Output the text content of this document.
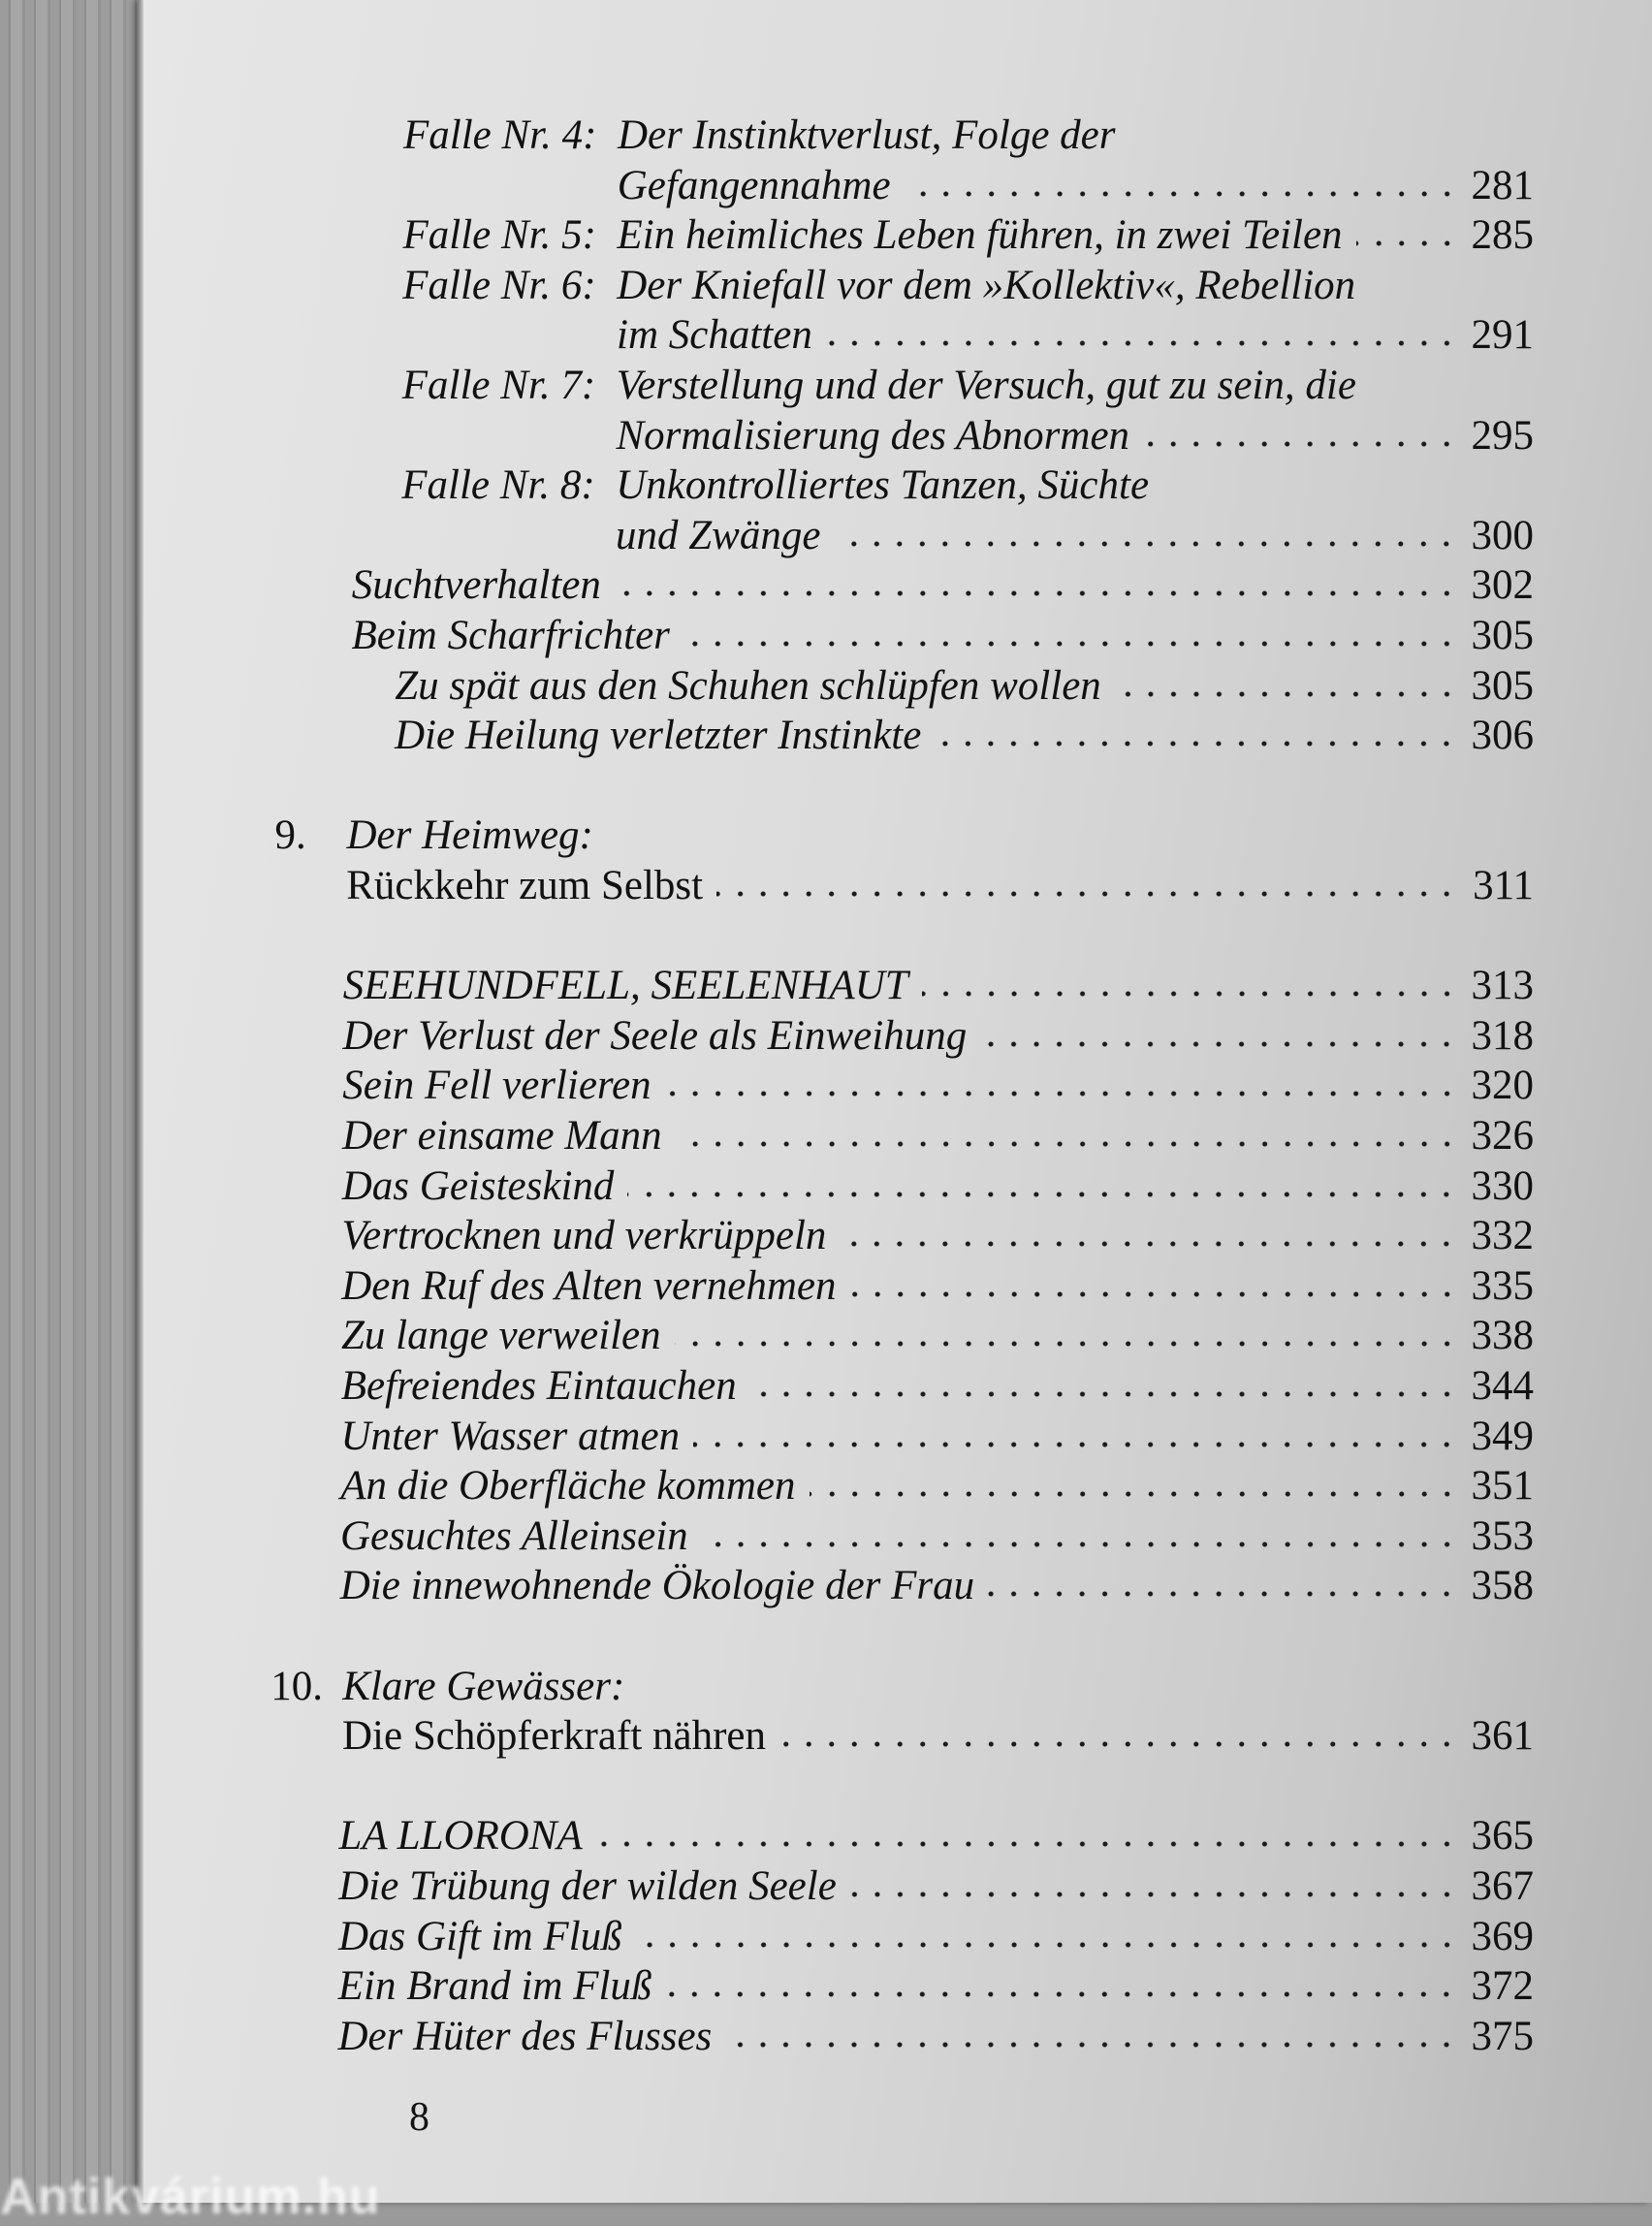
Falle Nr. 4: Der Instinktverlust, Folge der
Gefangennahme	281
Falle Nr. 5: Ein heimliches Leben führen, in zwei Teilen	285
Falle Nr. 6: Der Kniefall vor dem »Kollektiv«, Rebellion
im Schatten	291
Falle Nr. 7: Verstellung und der Versuch, gut zu sein, die
Normalisierung des Abnormen	295
Falle Nr. 8: Unkontrolliertes Tanzen, Süchte
und Zwänge	300
Suchtverhalten	302
Beim Scharfrichter	305
Zu spät aus den Schuhen schlüpfen wollen	305
Die Heilung verletzter Instinkte	306
9. Der Heimweg:
Rückkehr zum Selbst	311
SEEHUNDFELL, SEELENHAUT	313
Der Verlust der Seele als Einweihung	318
Sein Fell verlieren	320
Der einsame Mann	326
Das Geisteskind	330
Vertrocknen und verkrüppeln	332
Den Ruf des Alten vernehmen	335
Zu lange verweilen	338
Befreiendes Eintauchen	344
Unter Wasser atmen	349
An die Oberfläche kommen	351
Gesuchtes Alleinsein	353
Die innewohnende Ökologie der Frau	358
10. Klare Gewässer:
Die Schöpferkraft nähren	361
LA LLORONA	365
Die Trübung der wilden Seele	367
Das Gift im Fluß	369
Ein Brand im Fluß	372
Der Hüter des Flusses	375
8
Antikvárium.hu
